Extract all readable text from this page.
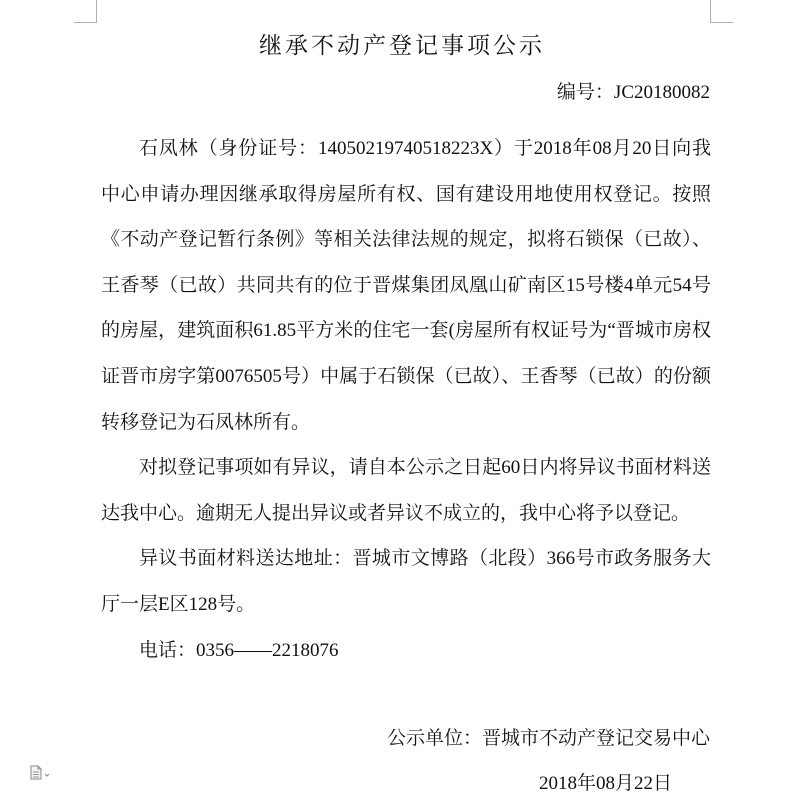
继承不动产登记事项公示
编号：JC20180082

石凤林（身份证号：14050219740518223X）于2018年08月20日向我中心申请办理因继承取得房屋所有权、国有建设用地使用权登记。按照《不动产登记暂行条例》等相关法律法规的规定，拟将石锁保（已故）、王香琴（已故）共同共有的位于晋煤集团凤凰山矿南区15号楼4单元54号的房屋，建筑面积61.85平方米的住宅一套(房屋所有权证号为“晋城市房权证晋市房字第0076505号）中属于石锁保（已故）、王香琴（已故）的份额转移登记为石凤林所有。

对拟登记事项如有异议，请自本公示之日起60日内将异议书面材料送达我中心。逾期无人提出异议或者异议不成立的，我中心将予以登记。

异议书面材料送达地址：晋城市文博路（北段）366号市政务服务大厅一层E区128号。

电话：0356——2218076

公示单位：晋城市不动产登记交易中心
2018年08月22日
